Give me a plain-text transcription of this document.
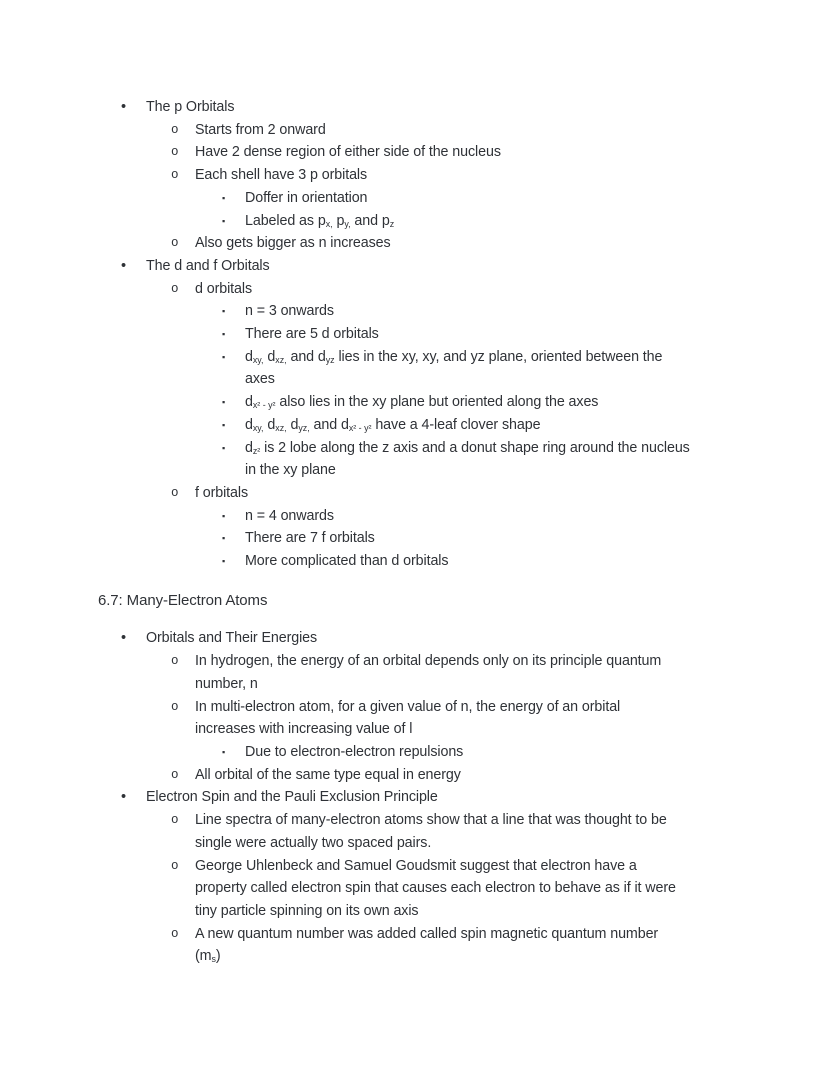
• The p Orbitals
o Starts from 2 onward
o Have 2 dense region of either side of the nucleus
o Each shell have 3 p orbitals
▪ Doffer in orientation
▪ Labeled as $p_{x,}$ $p_{y,}$ and $p_z$
o Also gets bigger as n increases
• The d and f Orbitals
o d orbitals
▪ n = 3 onwards
▪ There are 5 d orbitals
▪ $d_{xy,}$ $d_{xz,}$ and $d_{yz}$ lies in the xy, xy, and yz plane, oriented between the
axes
▪ $d_{x^2 - y^2}$ also lies in the xy plane but oriented along the axes
▪ $d_{xy,}$ $d_{xz,}$ $d_{yz,}$ and $d_{x^2 - y^2}$ have a 4-leaf clover shape
▪ $d_{z^2}$ is 2 lobe along the z axis and a donut shape ring around the nucleus
in the xy plane
o f orbitals
▪ n = 4 onwards
▪ There are 7 f orbitals
▪ More complicated than d orbitals
6.7: Many-Electron Atoms
• Orbitals and Their Energies
o In hydrogen, the energy of an orbital depends only on its principle quantum
number, n
o In multi-electron atom, for a given value of n, the energy of an orbital
increases with increasing value of l
▪ Due to electron-electron repulsions
o All orbital of the same type equal in energy
• Electron Spin and the Pauli Exclusion Principle
o Line spectra of many-electron atoms show that a line that was thought to be
single were actually two spaced pairs.
o George Uhlenbeck and Samuel Goudsmit suggest that electron have a
property called electron spin that causes each electron to behave as if it were
tiny particle spinning on its own axis
o A new quantum number was added called spin magnetic quantum number
$(m_s)$
